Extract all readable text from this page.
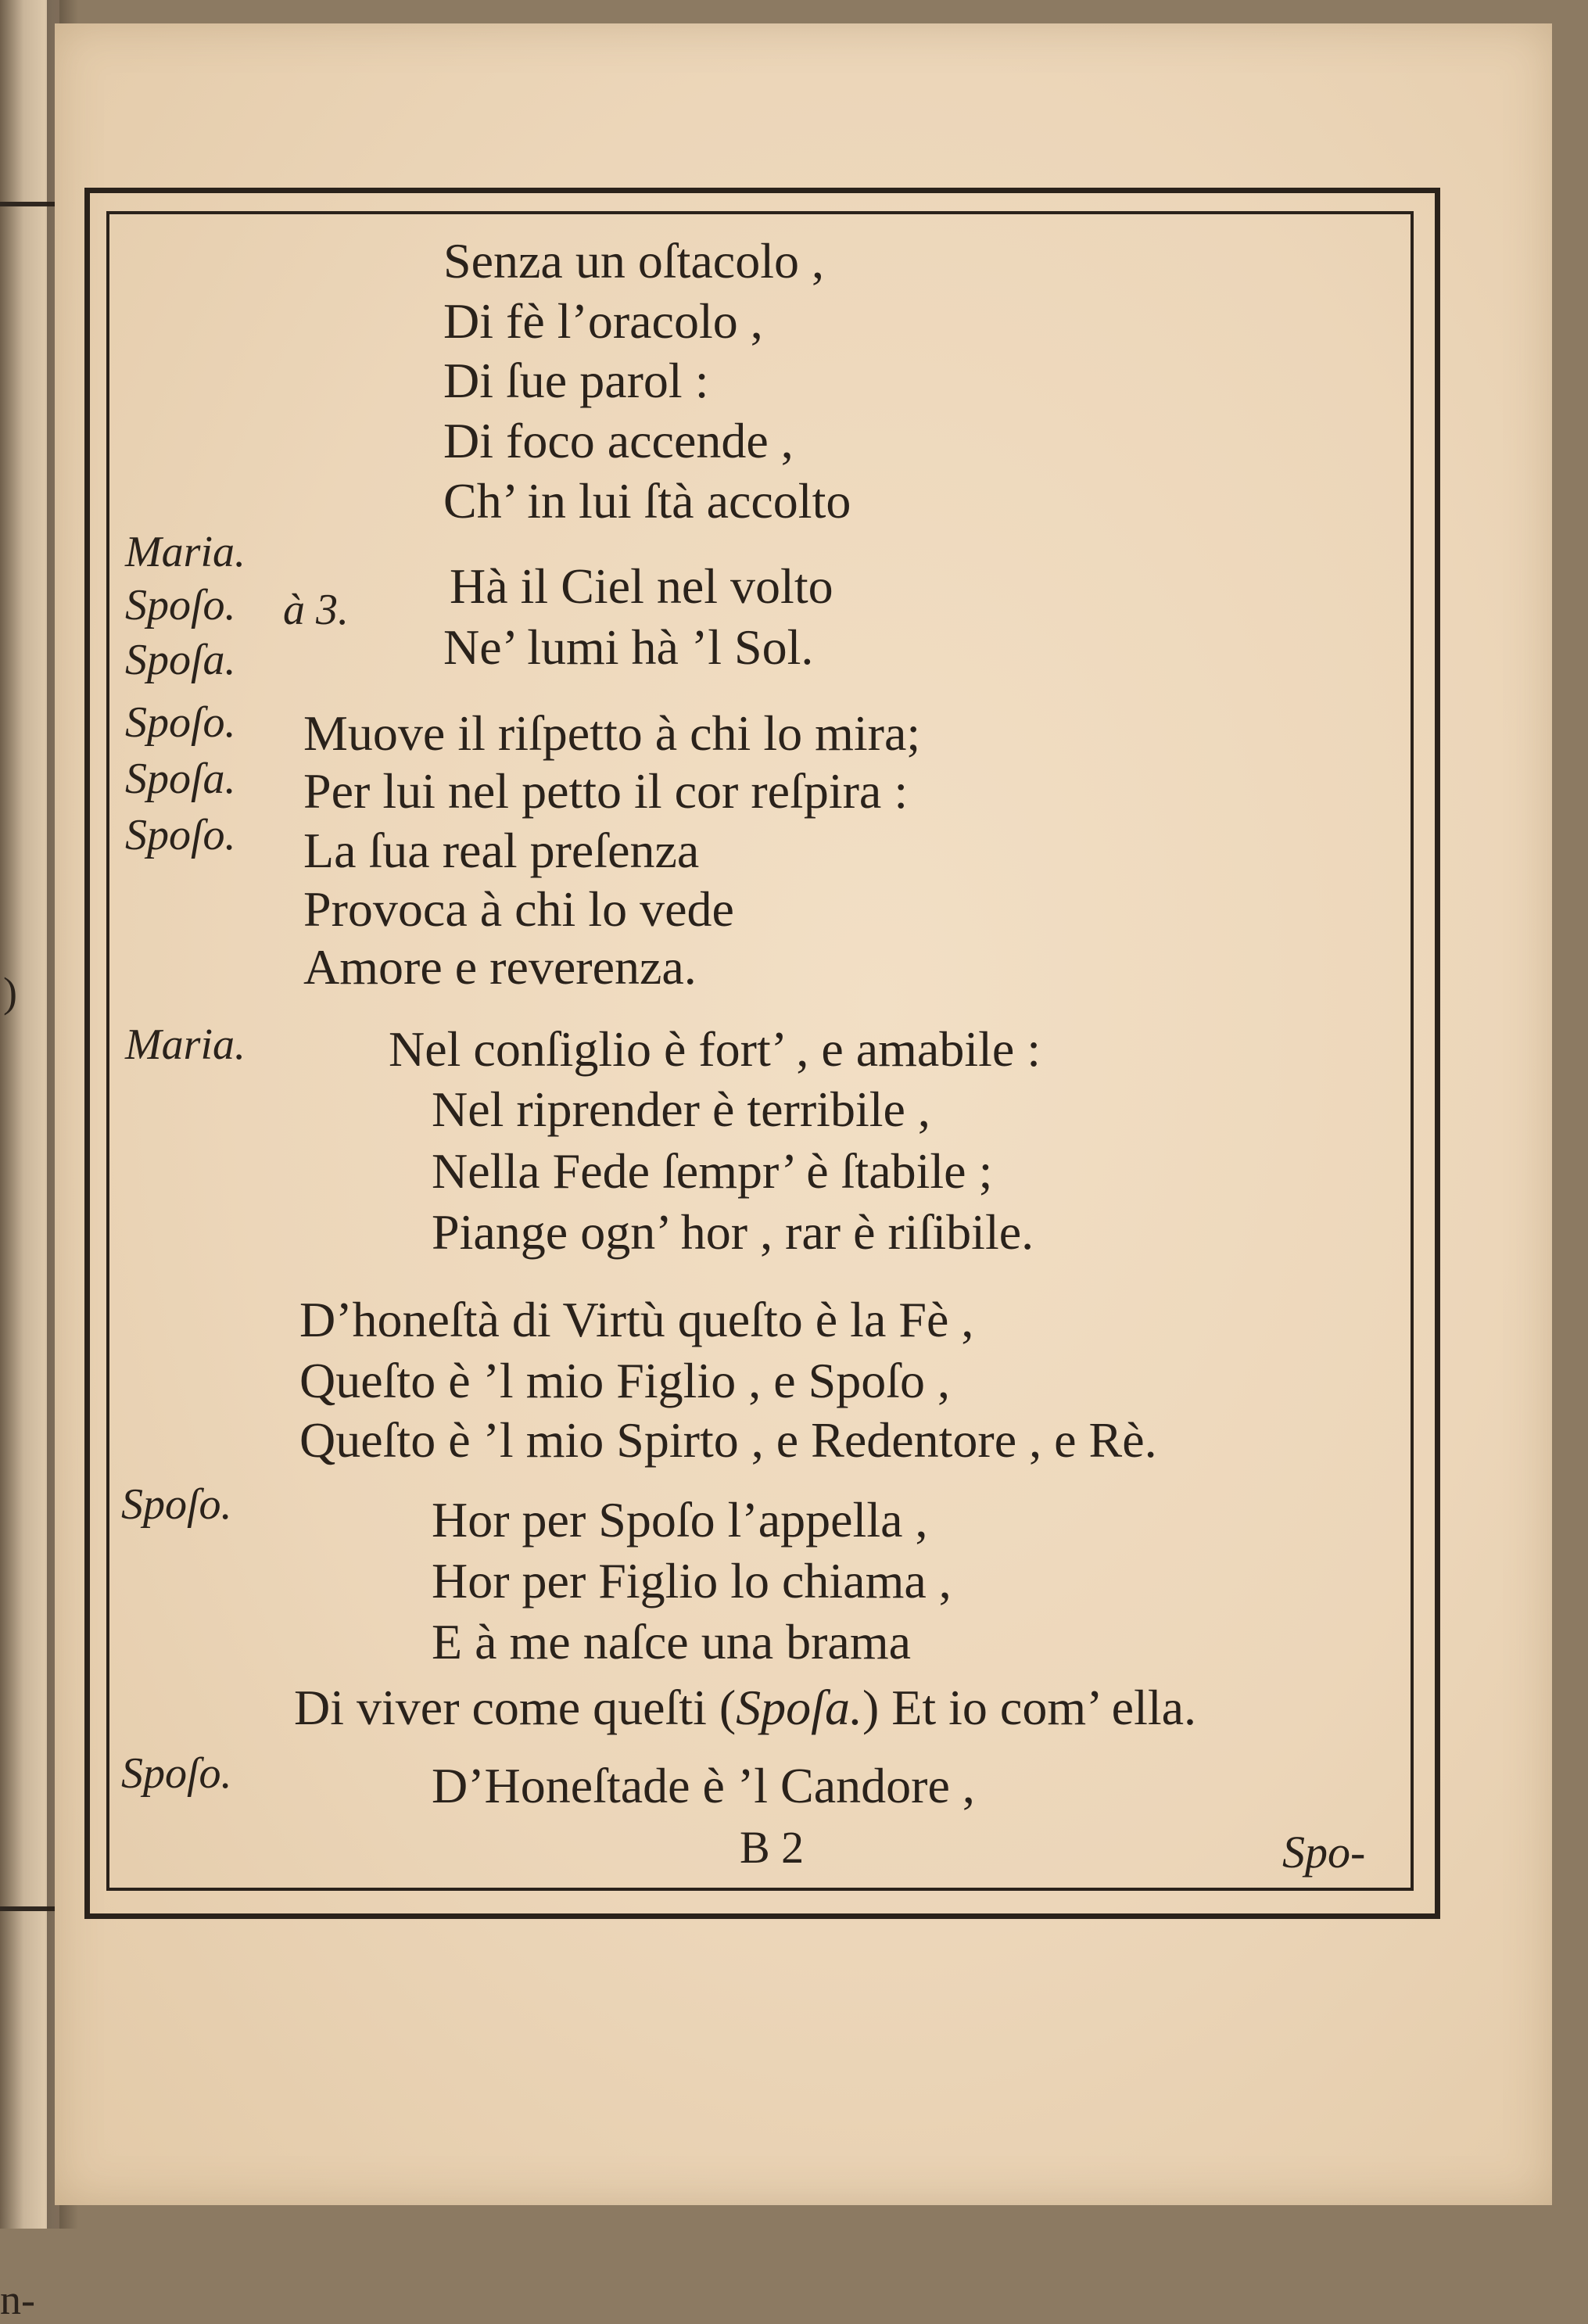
)
n-
Senza un oſtacolo ,
Di fè l’oracolo ,
Di ſue parol :
Di foco accende ,
Ch’ in lui ſtà accolto
Maria.
Spoſo.
Spoſa.
à 3. Hà il Ciel nel volto
Ne’ lumi hà ’l Sol.
Spoſo.
Spoſa.
Spoſo.
Muove il riſpetto à chi lo mira;
Per lui nel petto il cor reſpira :
La ſua real preſenza
Provoca à chi lo vede
Amore e reverenza.
Maria.	Nel conſiglio è fort’ , e amabile :
Nel riprender è terribile ,
Nella Fede ſempr’ è ſtabile ;
Piange ogn’ hor , rar è riſibile.
D’honeſtà di Virtù queſto è la Fè ,
Queſto è ’l mio Figlio , e Spoſo ,
Queſto è ’l mio Spirto , e Redentore , e Rè.
Spoſo.	Hor per Spoſo l’appella ,
Hor per Figlio lo chiama ,
E à me naſce una brama
Di viver come queſti (Spoſa.) Et io com’ ella.
Spoſo.	D’Honeſtade è ’l Candore ,
B 2	Spo-
